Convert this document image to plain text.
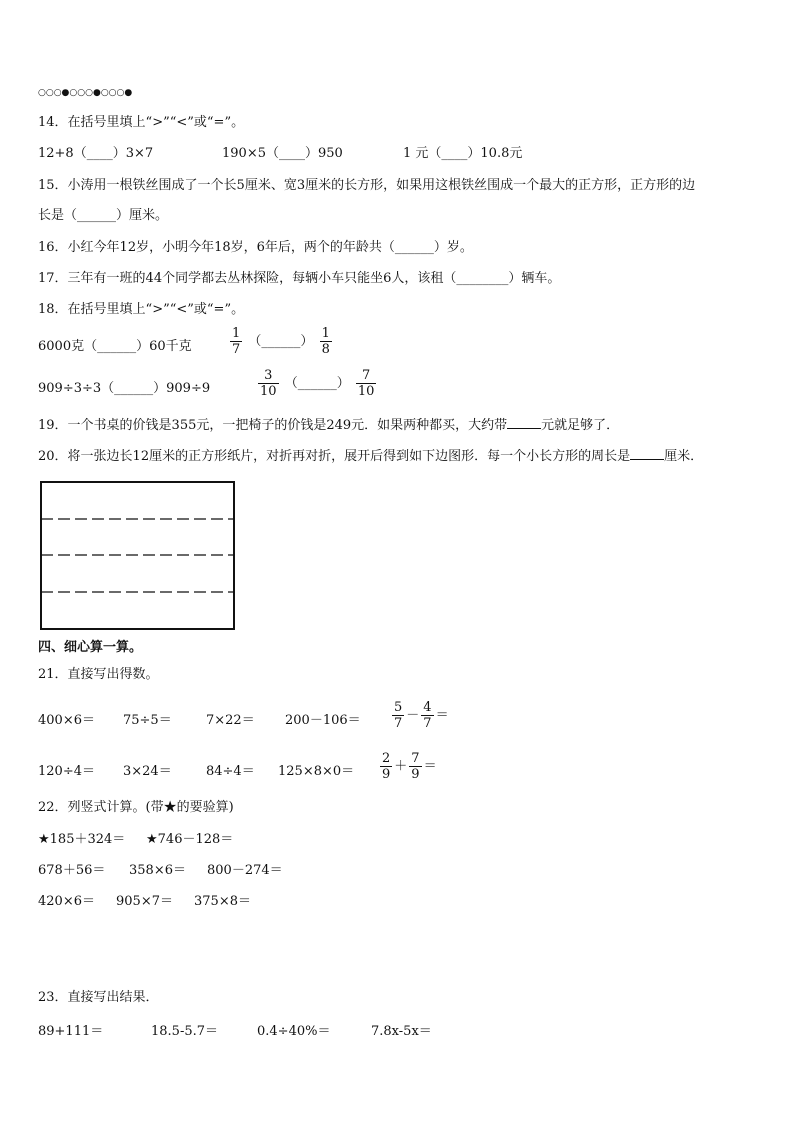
○○○●○○○●○○○●
14．在括号里填上“>”“<”或“=”。
12+8（____）3×7	190×5（____）950	1 元（____）10.8元
15．小涛用一根铁丝围成了一个长5厘米、宽3厘米的长方形，如果用这根铁丝围成一个最大的正方形，正方形的边
长是（______）厘米。
16．小红今年12岁，小明今年18岁，6年后，两个的年龄共（______）岁。
17．三年有一班的44个同学都去丛林探险，每辆小车只能坐6人，该租（________）辆车。
18．在括号里填上“>”“<”或“=”。
6000克（______）60千克	$\frac{1}{7}$ （______） $\frac{1}{8}$
909÷3÷3（______）909÷9	$\frac{3}{10}$ （______） $\frac{7}{10}$
19．一个书桌的价钱是355元，一把椅子的价钱是249元．如果两种都买，大约带	元就足够了．
20．将一张边长12厘米的正方形纸片，对折再对折，展开后得到如下边图形．每一个小长方形的周长是	厘米．
四、细心算一算。
21．直接写出得数。
400×6＝ 75÷5＝	$7\times 22= 200-106= \frac{5}{7} - \frac{4}{7}$ ＝
120÷4＝ 3×24＝	$84\div 4= 125\times 8\times 0= \frac{2}{9} + \frac{7}{9}$ ＝
22．列竖式计算。(带★的要验算)
★185＋324＝ ★746－128＝
678＋56＝ 358×6＝ 800－274＝
420×6＝ 905×7＝ 375×8＝
23．直接写出结果．
89+111＝	18.5-5.7＝	0.4÷40%＝	7.8x-5x＝
